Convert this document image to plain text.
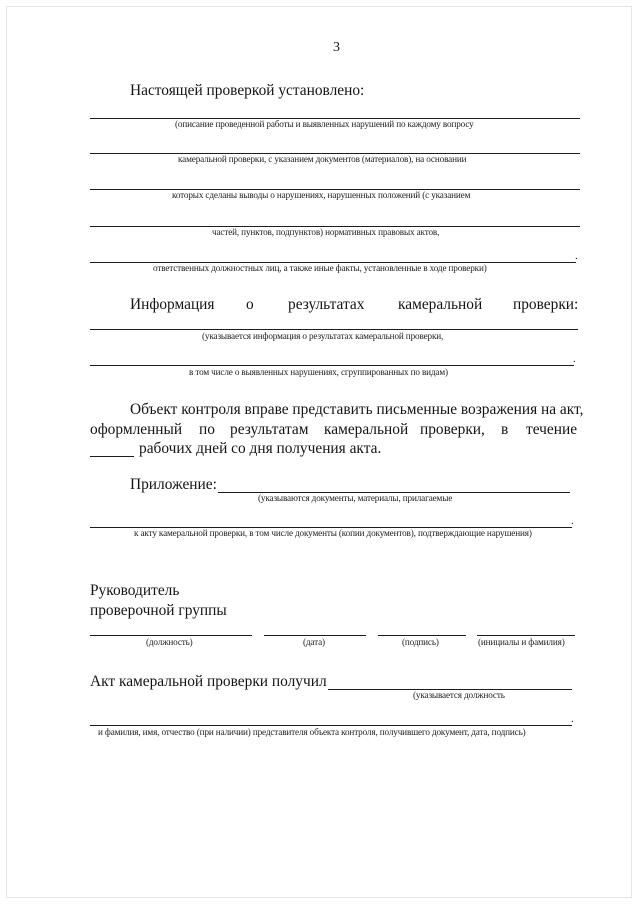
3
Настоящей проверкой установлено:
(описание проведенной работы и выявленных нарушений по каждому вопросу
камеральной проверки, с указанием документов (материалов), на основании
которых сделаны выводы о нарушениях, нарушенных положений (с указанием
частей, пунктов, подпунктов) нормативных правовых актов,
.
ответственных должностных лиц, а также иные факты, установленные в ходе проверки)
Информация о результатах камеральной проверки:
(указывается информация о результатах камеральной проверки,
.
в том числе о выявленных нарушениях, сгруппированных по видам)
Объект контроля вправе представить письменные возражения на акт,
оформленный по результатам камеральной проверки, в течение
рабочих дней со дня получения акта.
Приложение:
(указываются документы, материалы, прилагаемые
.
к акту камеральной проверки, в том числе документы (копии документов), подтверждающие нарушения)
Руководитель
проверочной группы
(должность)	(дата)	(подпись)	(инициалы и фамилия)
Акт камеральной проверки получил
(указывается должность
.
и фамилия, имя, отчество (при наличии) представителя объекта контроля, получившего документ, дата, подпись)
